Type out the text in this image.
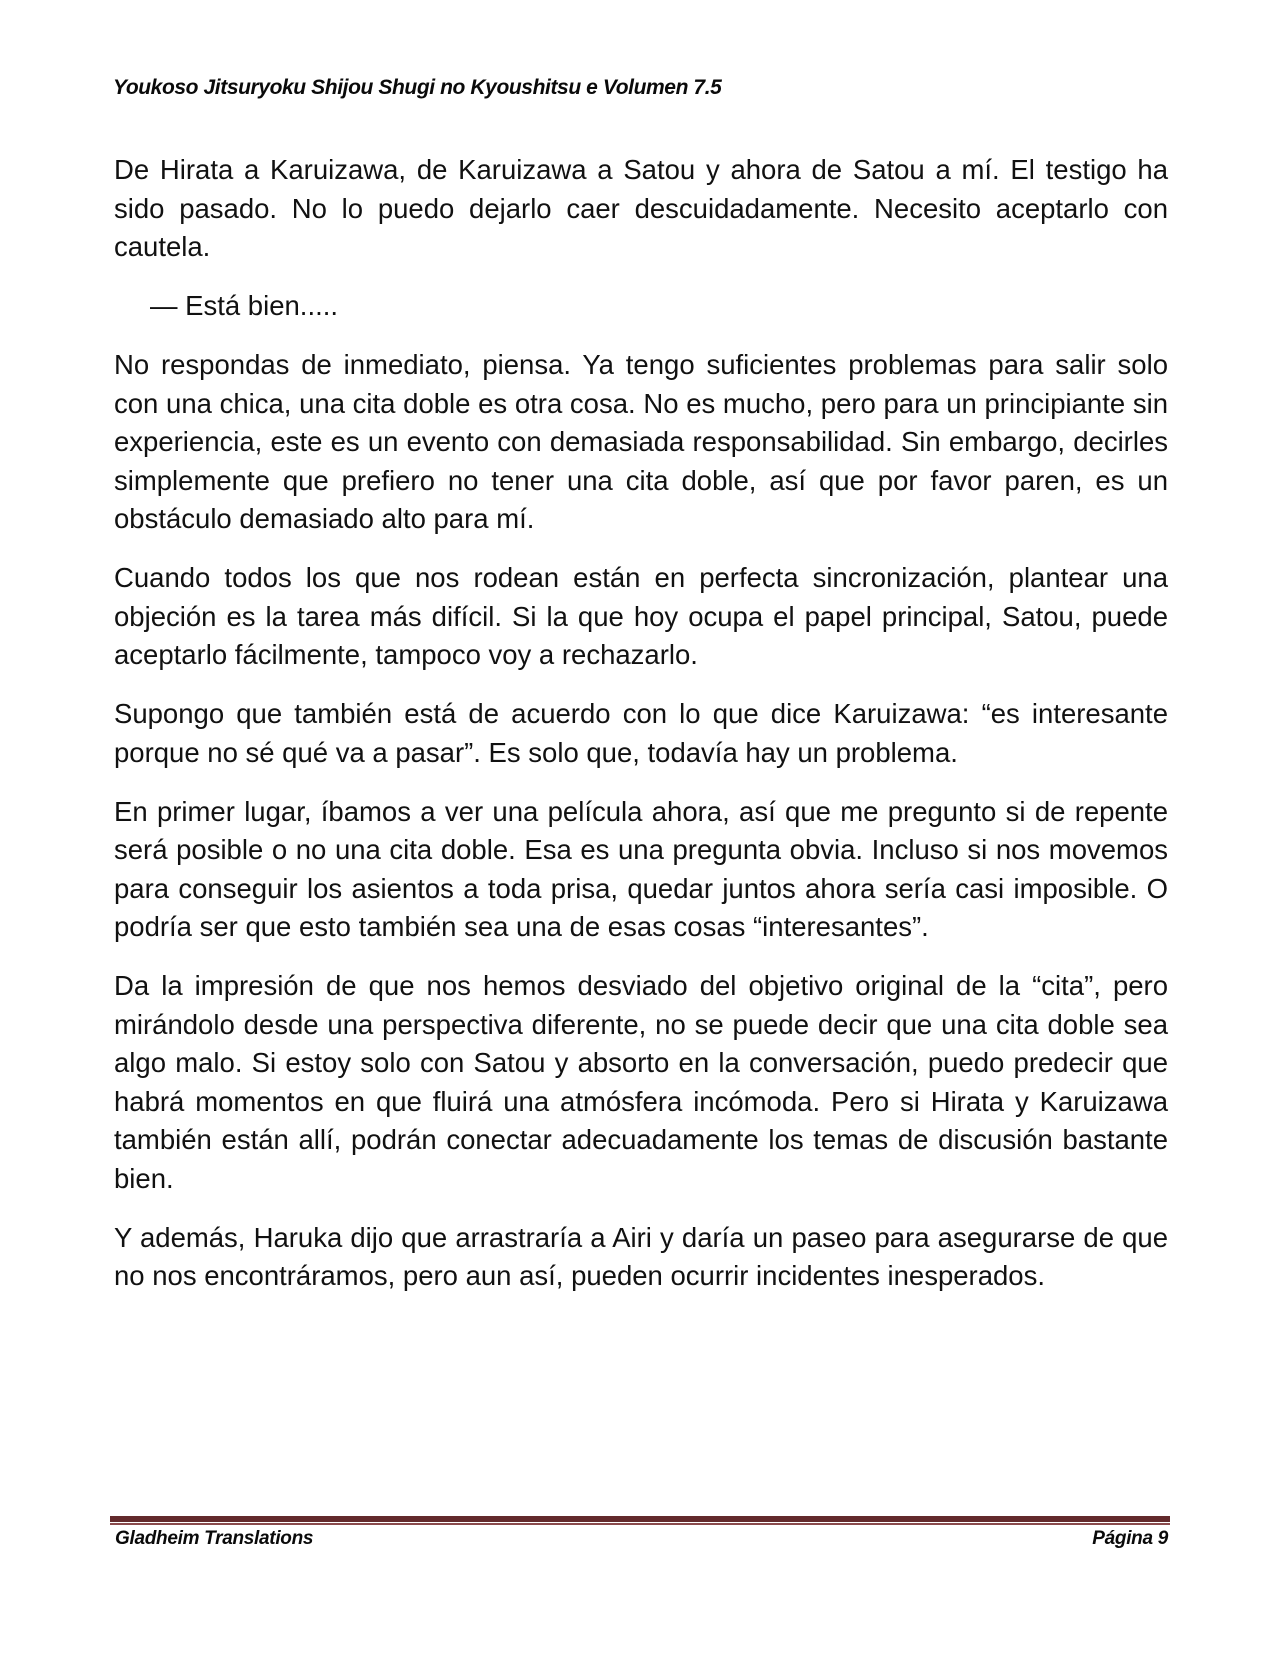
Youkoso Jitsuryoku Shijou Shugi no Kyoushitsu e Volumen 7.5

De Hirata a Karuizawa, de Karuizawa a Satou y ahora de Satou a mí. El testigo ha sido pasado. No lo puedo dejarlo caer descuidadamente. Necesito aceptarlo con cautela.

— Está bien.....

No respondas de inmediato, piensa. Ya tengo suficientes problemas para salir solo con una chica, una cita doble es otra cosa. No es mucho, pero para un principiante sin experiencia, este es un evento con demasiada responsabilidad. Sin embargo, decirles simplemente que prefiero no tener una cita doble, así que por favor paren, es un obstáculo demasiado alto para mí.

Cuando todos los que nos rodean están en perfecta sincronización, plantear una objeción es la tarea más difícil. Si la que hoy ocupa el papel principal, Satou, puede aceptarlo fácilmente, tampoco voy a rechazarlo.

Supongo que también está de acuerdo con lo que dice Karuizawa: “es interesante porque no sé qué va a pasar”. Es solo que, todavía hay un problema.

En primer lugar, íbamos a ver una película ahora, así que me pregunto si de repente será posible o no una cita doble. Esa es una pregunta obvia. Incluso si nos movemos para conseguir los asientos a toda prisa, quedar juntos ahora sería casi imposible. O podría ser que esto también sea una de esas cosas “interesantes”.

Da la impresión de que nos hemos desviado del objetivo original de la “cita”, pero mirándolo desde una perspectiva diferente, no se puede decir que una cita doble sea algo malo. Si estoy solo con Satou y absorto en la conversación, puedo predecir que habrá momentos en que fluirá una atmósfera incómoda. Pero si Hirata y Karuizawa también están allí, podrán conectar adecuadamente los temas de discusión bastante bien.

Y además, Haruka dijo que arrastraría a Airi y daría un paseo para asegurarse de que no nos encontráramos, pero aun así, pueden ocurrir incidentes inesperados.

Gladheim Translations	Página 9
